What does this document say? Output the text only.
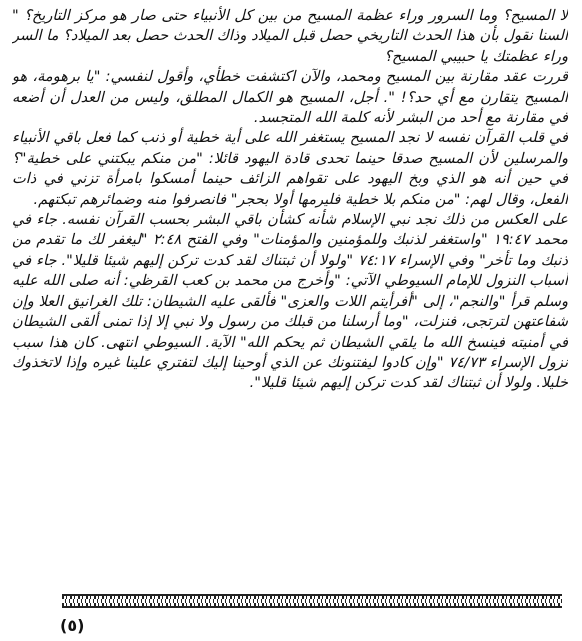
لا المسيح؟ وما السرور وراء عظمة المسيح من بين كل الأنبياء حتى صار هو مركز التاريخ؟ " السنا نقول بأن هذا الحدث التاريخي حصل قبل الميلاد وذاك الحدث حصل بعد الميلاد؟ ما السر وراء عظمتك يا حبيبي المسيح؟

قررت عقد مقارنة بين المسيح ومحمد، والآن اكتشفت خطأي، وأقول لنفسي: "يا برهومة، هو المسيح يتقارن مع أي حد؟! ". أجل، المسيح هو الكمال المطلق، وليس من العدل أن أضعه في مقارنة مع أحد من البشر لأنه كلمة الله المتجسد.

في قلب القرآن نفسه لا نجد المسيح يستغفر الله على أية خطية أو ذنب كما فعل باقي الأنبياء والمرسلين لأن المسيح صدقا حينما تحدى قادة اليهود قائلا: "من منكم يبكتني على خطية"؟ في حين أنه هو الذي وبخ اليهود على تقواهم الزائف حينما أمسكوا بامرأة تزني في ذات الفعل، وقال لهم: "من منكم بلا خطية فليرمها أولا بحجر" فانصرفوا منه وضمائرهم تبكتهم.

على العكس من ذلك نجد نبي الإسلام شأنه كشأن باقي البشر بحسب القرآن نفسه. جاء في محمد ١٩:٤٧ "واستغفر لذنبك وللمؤمنين والمؤمنات" وفي الفتح ٢:٤٨ "ليغفر لك ما تقدم من ذنبك وما تأخر" وفي الإسراء ٧٤:١٧ "ولولا أن ثبتناك لقد كدت تركن إليهم شيئا قليلا". جاء في أسباب النزول للإمام السيوطي الآتي: "وأخرج من محمد بن كعب القرظي: أنه صلى الله عليه وسلم قرأ "والنجم"، إلى "أفرأيتم اللات والعزى" فألقى عليه الشيطان: تلك الغرانيق العلا وإن شفاعتهن لترتجى، فنزلت، "وما أرسلنا من قبلك من رسول ولا نبي إلا إذا تمنى ألقى الشيطان في أمنيته فينسخ الله ما يلقي الشيطان ثم يحكم الله" الآية. السيوطي انتهى. كان هذا سبب نزول الإسراء ٧٤/٧٣ "وإن كادوا ليفتنونك عن الذي أوحينا إليك لتفتري علينا غيره وإذا لاتخذوك خليلا. ولولا أن ثبتناك لقد كدت تركن إليهم شيئا قليلا".

(٥)
